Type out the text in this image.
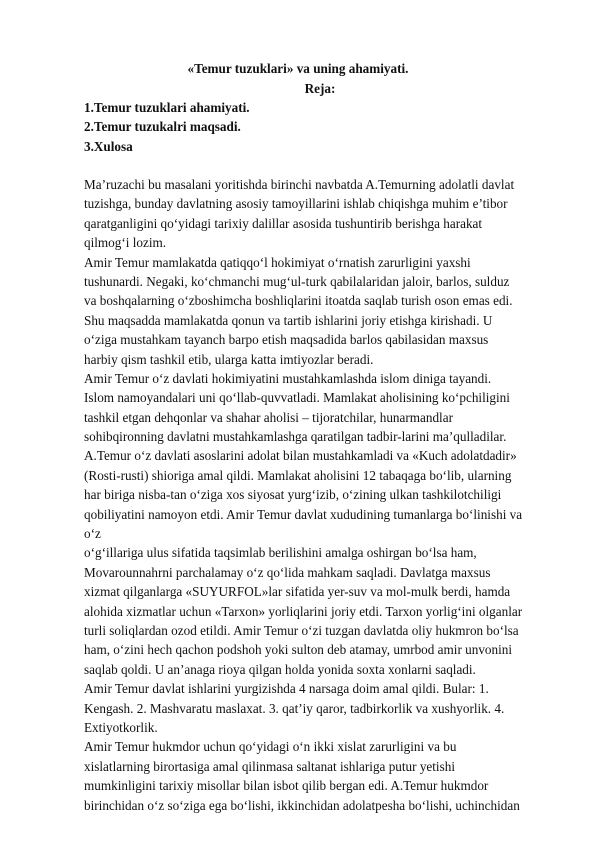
«Temur tuzuklari» va uning ahamiyati.
Reja:
1.Temur tuzuklari ahamiyati.
2.Temur tuzukalri maqsadi.
3.Xulosa
Ma’ruzachi bu masalani yoritishda birinchi navbatda A.Temurning adolatli davlat
tuzishga, bunday davlatning asosiy tamoyillarini ishlab chiqishga muhim e’tibor
qaratganligini qo‘yidagi tarixiy dalillar asosida tushuntirib berishga harakat
qilmog‘i lozim.
Amir Temur mamlakatda qatiqqo‘l hokimiyat o‘rnatish zarurligini yaxshi
tushunardi. Negaki, ko‘chmanchi mug‘ul-turk qabilalaridan jaloir, barlos, sulduz
va boshqalarning o‘zboshimcha boshliqlarini itoatda saqlab turish oson emas edi.
Shu maqsadda mamlakatda qonun va tartib ishlarini joriy etishga kirishadi. U
o‘ziga mustahkam tayanch barpo etish maqsadida barlos qabilasidan maxsus
harbiy qism tashkil etib, ularga katta imtiyozlar beradi.
Amir Temur o‘z davlati hokimiyatini mustahkamlashda islom diniga tayandi.
Islom namoyandalari uni qo‘llab-quvvatladi. Mamlakat aholisining ko‘pchiligini
tashkil etgan dehqonlar va shahar aholisi – tijoratchilar, hunarmandlar
sohibqironning davlatni mustahkamlashga qaratilgan tadbir-larini ma’qulladilar.
A.Temur o‘z davlati asoslarini adolat bilan mustahkamladi va «Kuch adolatdadir»
(Rosti-rusti) shioriga amal qildi. Mamlakat aholisini 12 tabaqaga bo‘lib, ularning
har biriga nisba-tan o‘ziga xos siyosat yurg‘izib, o‘zining ulkan tashkilotchiligi
qobiliyatini namoyon etdi. Amir Temur davlat xududining tumanlarga bo‘linishi va
o‘z
o‘g‘illariga ulus sifatida taqsimlab berilishini amalga oshirgan bo‘lsa ham,
Movarounnahrni parchalamay o‘z qo‘lida mahkam saqladi. Davlatga maxsus
xizmat qilganlarga «SUYURFOL»lar sifatida yer-suv va mol-mulk berdi, hamda
alohida xizmatlar uchun «Tarxon» yorliqlarini joriy etdi. Tarxon yorlig‘ini olganlar
turli soliqlardan ozod etildi. Amir Temur o‘zi tuzgan davlatda oliy hukmron bo‘lsa
ham, o‘zini hech qachon podshoh yoki sulton deb atamay, umrbod amir unvonini
saqlab qoldi. U an’anaga rioya qilgan holda yonida soxta xonlarni saqladi.
Amir Temur davlat ishlarini yurgizishda 4 narsaga doim amal qildi. Bular: 1.
Kengash. 2. Mashvaratu maslaxat. 3. qat’iy qaror, tadbirkorlik va xushyorlik. 4.
Extiyotkorlik.
Amir Temur hukmdor uchun qo‘yidagi o‘n ikki xislat zarurligini va bu
xislatlarning birortasiga amal qilinmasa saltanat ishlariga putur yetishi
mumkinligini tarixiy misollar bilan isbot qilib bergan edi. A.Temur hukmdor
birinchidan o‘z so‘ziga ega bo‘lishi, ikkinchidan adolatpesha bo‘lishi, uchinchidan
